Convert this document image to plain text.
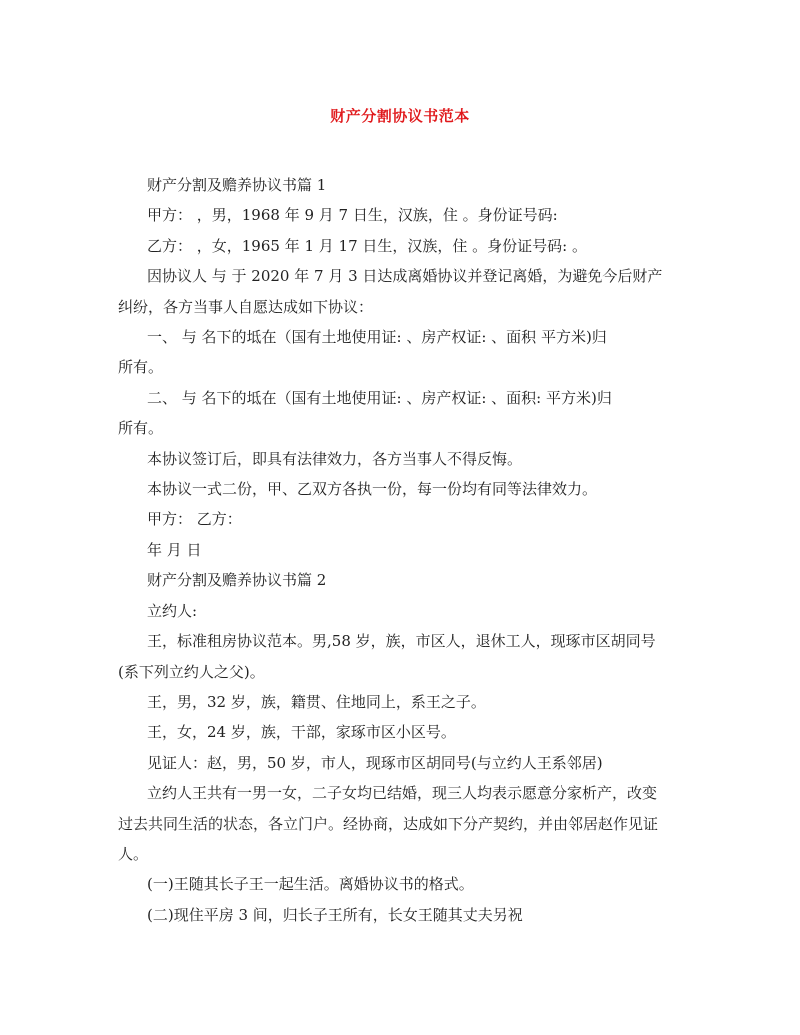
财产分割协议书范本

财产分割及赡养协议书篇 1

甲方： ，男，1968 年 9 月 7 日生，汉族，住 。身份证号码:

乙方： ，女，1965 年 1 月 17 日生，汉族，住 。身份证号码: 。

因协议人 与 于 2020 年 7 月 3 日达成离婚协议并登记离婚，为避免今后财产

纠纷，各方当事人自愿达成如下协议：

一、 与 名下的坻在（国有土地使用证: 、房产权证: 、面积 平方米)归

所有。

二、 与 名下的坻在（国有土地使用证: 、房产权证: 、面积: 平方米)归

所有。

本协议签订后，即具有法律效力，各方当事人不得反悔。

本协议一式二份，甲、乙双方各执一份，每一份均有同等法律效力。

甲方： 乙方：

年 月 日

财产分割及赡养协议书篇 2

立约人:

王，标准租房协议范本。男,58 岁，族，市区人，退休工人，现琢市区胡同号

(系下列立约人之父)。

王，男，32 岁，族，籍贯、住地同上，系王之子。

王，女，24 岁，族，干部，家琢市区小区号。

见证人：赵，男，50 岁，市人，现琢市区胡同号(与立约人王系邻居)

立约人王共有一男一女，二子女均已结婚，现三人均表示愿意分家析产，改变

过去共同生活的状态，各立门户。经协商，达成如下分产契约，并由邻居赵作见证

人。

(一)王随其长子王一起生活。离婚协议书的格式。

(二)现住平房 3 间，归长子王所有，长女王随其丈夫另祝
